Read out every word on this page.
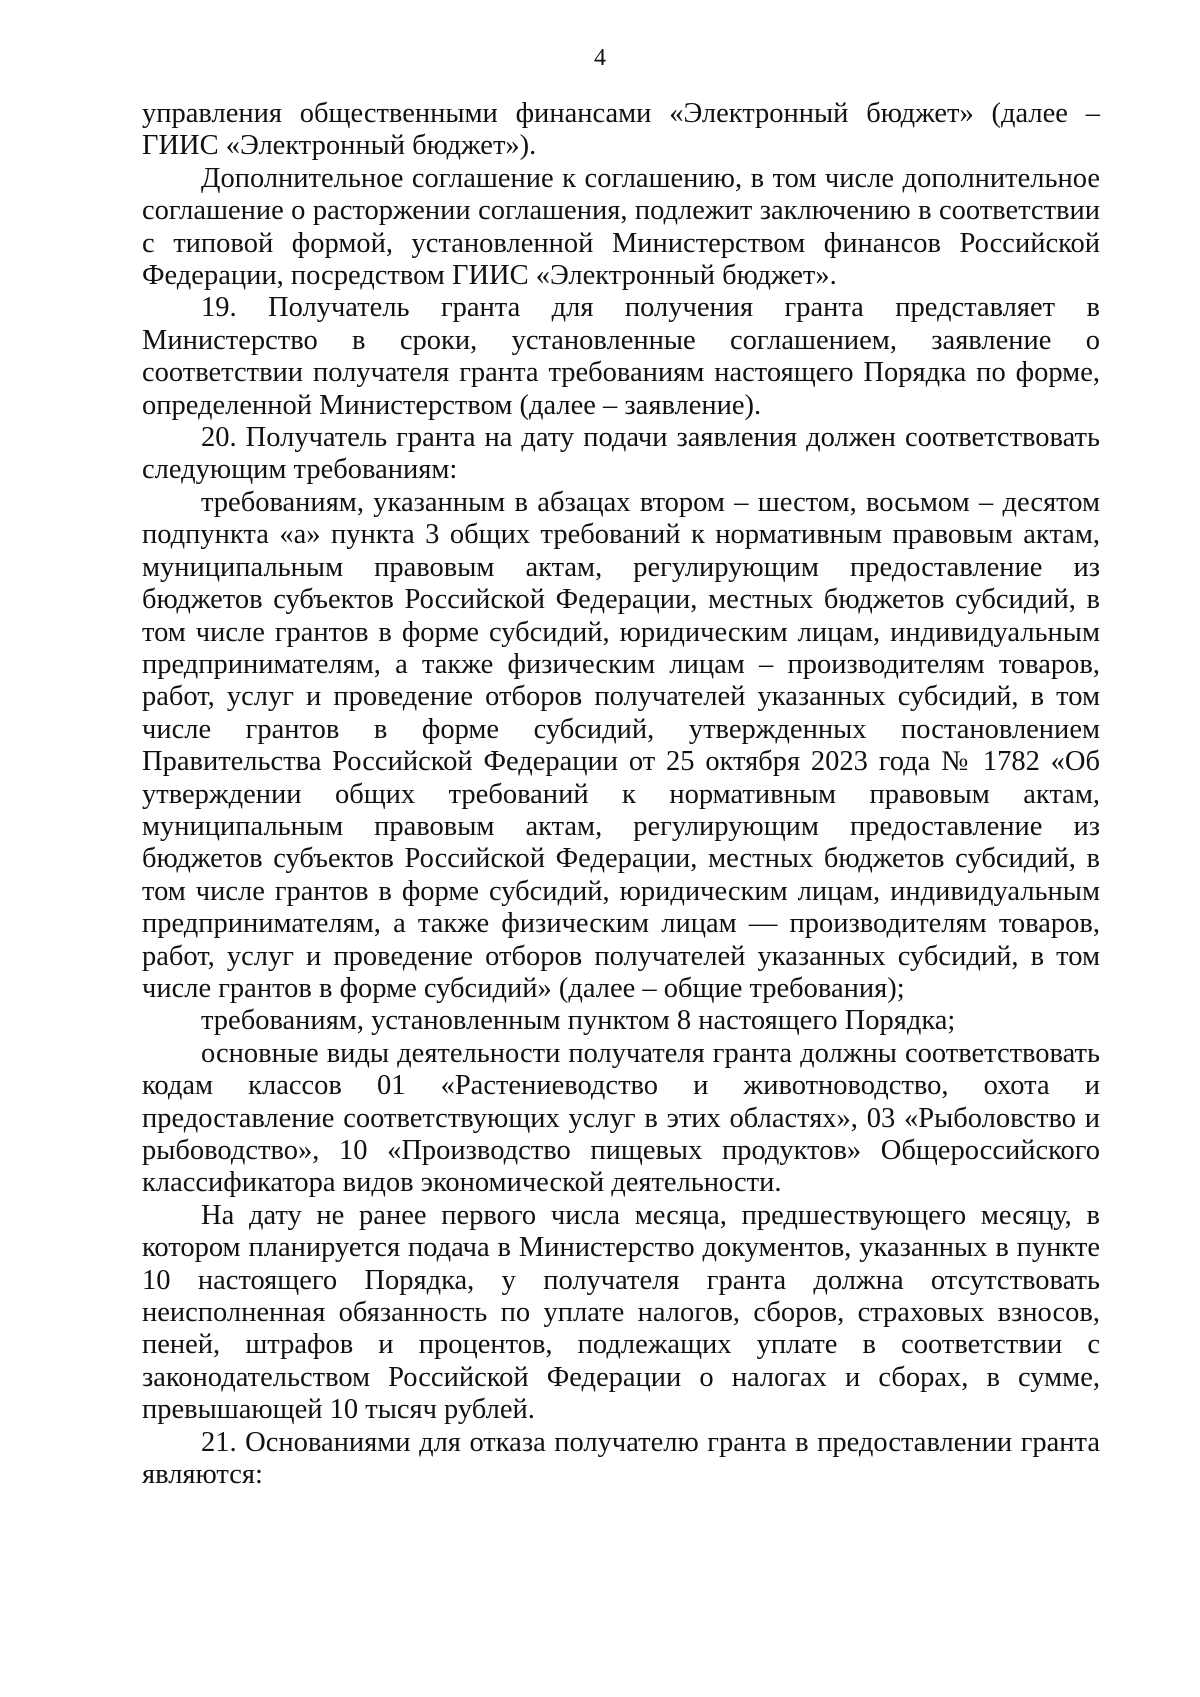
4

управления общественными финансами «Электронный бюджет» (далее – ГИИС «Электронный бюджет»).

Дополнительное соглашение к соглашению, в том числе дополнительное соглашение о расторжении соглашения, подлежит заключению в соответствии с типовой формой, установленной Министерством финансов Российской Федерации, посредством ГИИС «Электронный бюджет».

19. Получатель гранта для получения гранта представляет в Министерство в сроки, установленные соглашением, заявление о соответствии получателя гранта требованиям настоящего Порядка по форме, определенной Министерством (далее – заявление).

20. Получатель гранта на дату подачи заявления должен соответствовать следующим требованиям:

требованиям, указанным в абзацах втором – шестом, восьмом – десятом подпункта «а» пункта 3 общих требований к нормативным правовым актам, муниципальным правовым актам, регулирующим предоставление из бюджетов субъектов Российской Федерации, местных бюджетов субсидий, в том числе грантов в форме субсидий, юридическим лицам, индивидуальным предпринимателям, а также физическим лицам – производителям товаров, работ, услуг и проведение отборов получателей указанных субсидий, в том числе грантов в форме субсидий, утвержденных постановлением Правительства Российской Федерации от 25 октября 2023 года № 1782 «Об утверждении общих требований к нормативным правовым актам, муниципальным правовым актам, регулирующим предоставление из бюджетов субъектов Российской Федерации, местных бюджетов субсидий, в том числе грантов в форме субсидий, юридическим лицам, индивидуальным предпринимателям, а также физическим лицам — производителям товаров, работ, услуг и проведение отборов получателей указанных субсидий, в том числе грантов в форме субсидий» (далее – общие требования);

требованиям, установленным пунктом 8 настоящего Порядка;

основные виды деятельности получателя гранта должны соответствовать кодам классов 01 «Растениеводство и животноводство, охота и предоставление соответствующих услуг в этих областях», 03 «Рыболовство и рыбоводство», 10 «Производство пищевых продуктов» Общероссийского классификатора видов экономической деятельности.

На дату не ранее первого числа месяца, предшествующего месяцу, в котором планируется подача в Министерство документов, указанных в пункте 10 настоящего Порядка, у получателя гранта должна отсутствовать неисполненная обязанность по уплате налогов, сборов, страховых взносов, пеней, штрафов и процентов, подлежащих уплате в соответствии с законодательством Российской Федерации о налогах и сборах, в сумме, превышающей 10 тысяч рублей.

21. Основаниями для отказа получателю гранта в предоставлении гранта являются:
